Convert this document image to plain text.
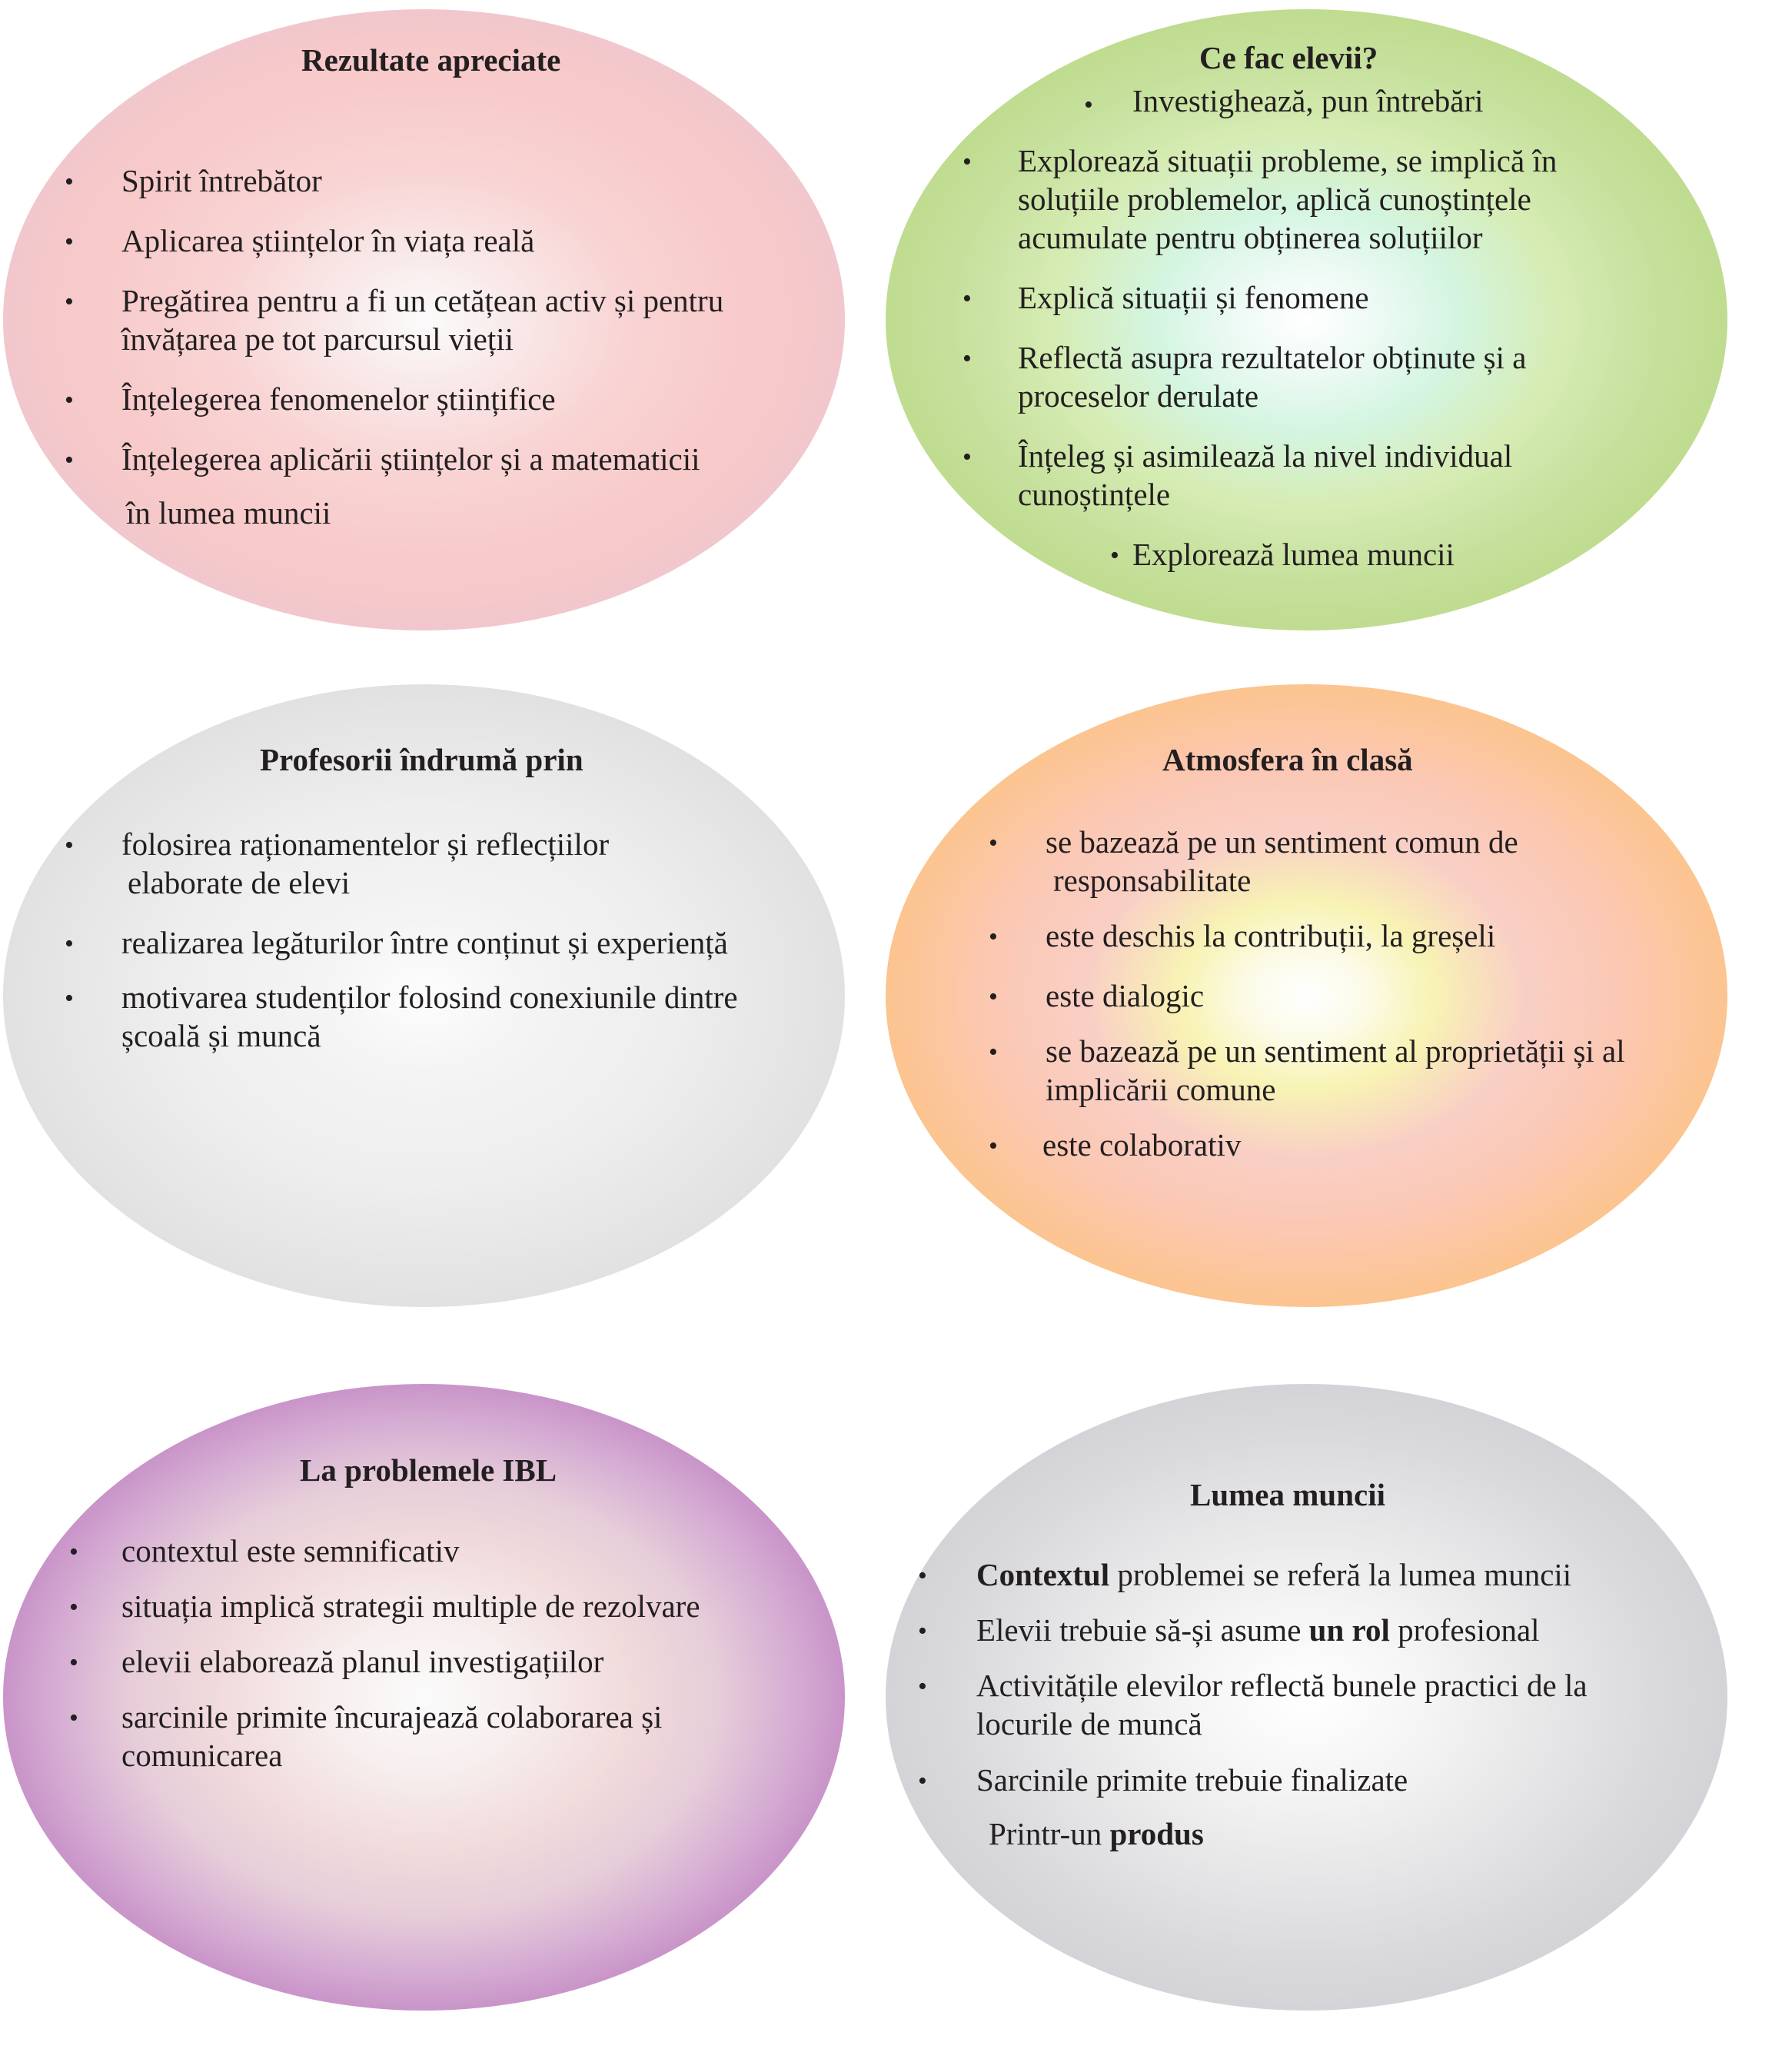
Rezultate apreciate
• Spirit întrebător
• Aplicarea științelor în viața reală
• Pregătirea pentru a fi un cetățean activ și pentru
învățarea pe tot parcursul vieții
• Înțelegerea fenomenelor științifice
• Înțelegerea aplicării științelor și a matematicii
în lumea muncii
Ce fac elevii?
• Investighează, pun întrebări
• Explorează situații probleme, se implică în
soluțiile problemelor, aplică cunoștințele
acumulate pentru obținerea soluțiilor
• Explică situații și fenomene
• Reflectă asupra rezultatelor obținute și a
proceselor derulate
• Înțeleg și asimilează la nivel individual
cunoștințele
• Explorează lumea muncii
Profesorii îndrumă prin
• folosirea raționamentelor și reflecțiilor
elaborate de elevi
• realizarea legăturilor între conținut și experiență
• motivarea studenților folosind conexiunile dintre
școală și muncă
Atmosfera în clasă
• se bazează pe un sentiment comun de
responsabilitate
• este deschis la contribuții, la greșeli
• este dialogic
• se bazează pe un sentiment al proprietății și al
implicării comune
• este colaborativ
La problemele IBL
• contextul este semnificativ
• situația implică strategii multiple de rezolvare
• elevii elaborează planul investigațiilor
• sarcinile primite încurajează colaborarea și
comunicarea
Lumea muncii
• Contextul problemei se referă la lumea muncii
• Elevii trebuie să-și asume un rol profesional
• Activitățile elevilor reflectă bunele practici de la
locurile de muncă
• Sarcinile primite trebuie finalizate
Printr-un produs
